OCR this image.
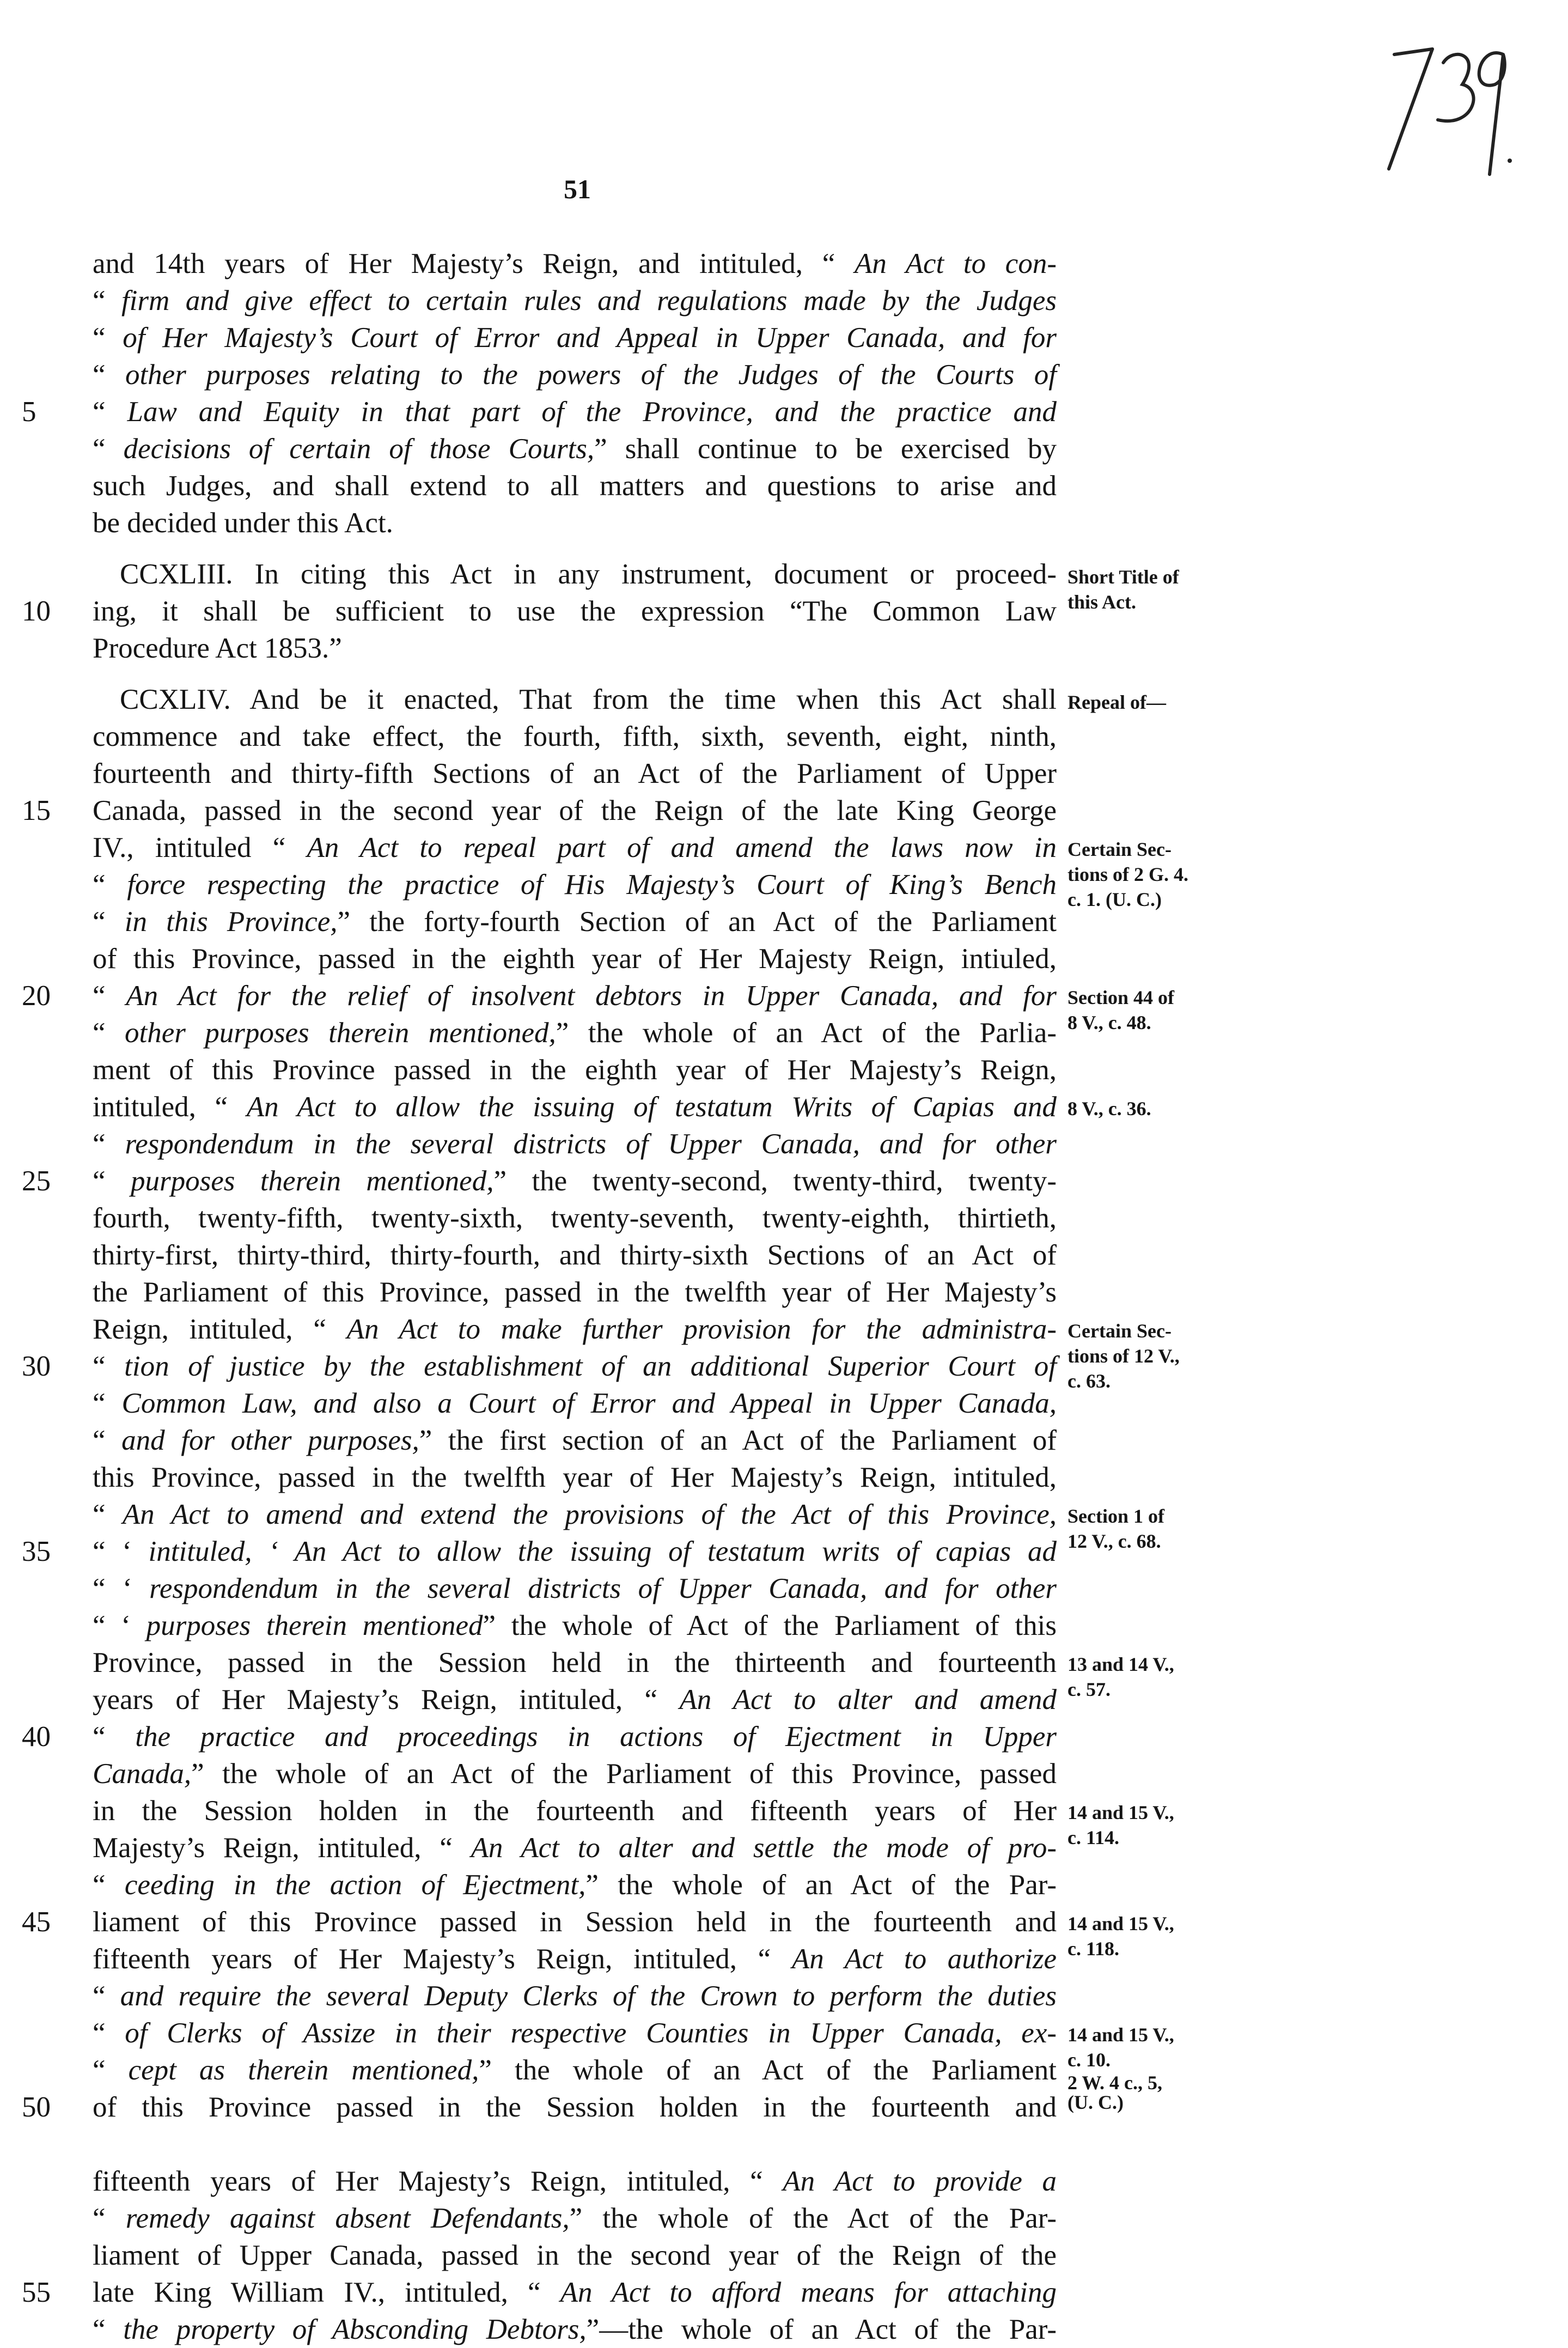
51
and 14th years of Her Majesty’s Reign, and intituled, “ An Act to con-
“ firm and give effect to certain rules and regulations made by the Judges
“ of Her Majesty’s Court of Error and Appeal in Upper Canada, and for
“ other purposes relating to the powers of the Judges of the Courts of
“ Law and Equity in that part of the Province, and the practice and
“ decisions of certain of those Courts,” shall continue to be exercised by
such Judges, and shall extend to all matters and questions to arise and
be decided under this Act.
CCXLIII. In citing this Act in any instrument, document or proceed-
ing, it shall be sufficient to use the expression “The Common Law
Procedure Act 1853.”
CCXLIV. And be it enacted, That from the time when this Act shall
commence and take effect, the fourth, fifth, sixth, seventh, eight, ninth,
fourteenth and thirty-fifth Sections of an Act of the Parliament of Upper
Canada, passed in the second year of the Reign of the late King George
IV., intituled “ An Act to repeal part of and amend the laws now in
“ force respecting the practice of His Majesty’s Court of King’s Bench
“ in this Province,” the forty-fourth Section of an Act of the Parliament
of this Province, passed in the eighth year of Her Majesty Reign, intiuled,
“ An Act for the relief of insolvent debtors in Upper Canada, and for
“ other purposes therein mentioned,” the whole of an Act of the Parlia-
ment of this Province passed in the eighth year of Her Majesty’s Reign,
intituled, “ An Act to allow the issuing of testatum Writs of Capias and
“ respondendum in the several districts of Upper Canada, and for other
“ purposes therein mentioned,” the twenty-second, twenty-third, twenty-
fourth, twenty-fifth, twenty-sixth, twenty-seventh, twenty-eighth, thirtieth,
thirty-first, thirty-third, thirty-fourth, and thirty-sixth Sections of an Act of
the Parliament of this Province, passed in the twelfth year of Her Majesty’s
Reign, intituled, “ An Act to make further provision for the administra-
“ tion of justice by the establishment of an additional Superior Court of
“ Common Law, and also a Court of Error and Appeal in Upper Canada,
“ and for other purposes,” the first section of an Act of the Parliament of
this Province, passed in the twelfth year of Her Majesty’s Reign, intituled,
“ An Act to amend and extend the provisions of the Act of this Province,
“ ‘ intituled, ‘ An Act to allow the issuing of testatum writs of capias ad
“ ‘ respondendum in the several districts of Upper Canada, and for other
“ ‘ purposes therein mentioned” the whole of Act of the Parliament of this
Province, passed in the Session held in the thirteenth and fourteenth
years of Her Majesty’s Reign, intituled, “ An Act to alter and amend
“ the practice and proceedings in actions of Ejectment in Upper
Canada,” the whole of an Act of the Parliament of this Province, passed
in the Session holden in the fourteenth and fifteenth years of Her
Majesty’s Reign, intituled, “ An Act to alter and settle the mode of pro-
“ ceeding in the action of Ejectment,” the whole of an Act of the Par-
liament of this Province passed in Session held in the fourteenth and
fifteenth years of Her Majesty’s Reign, intituled, “ An Act to authorize
“ and require the several Deputy Clerks of the Crown to perform the duties
“ of Clerks of Assize in their respective Counties in Upper Canada, ex-
“ cept as therein mentioned,” the whole of an Act of the Parliament
of this Province passed in the Session holden in the fourteenth and
fifteenth years of Her Majesty’s Reign, intituled, “ An Act to provide a
“ remedy against absent Defendants,” the whole of the Act of the Par-
liament of Upper Canada, passed in the second year of the Reign of the
late King William IV., intituled, “ An Act to afford means for attaching
“ the property of Absconding Debtors,”—the whole of an Act of the Par-
5
10
15
20
25
30
35
40
45
50
55
Short Title of
this Act.
Repeal of—
Certain Sec-
tions of 2 G. 4.
c. 1. (U. C.)
Section 44 of
8 V., c. 48.
8 V., c. 36.
Certain Sec-
tions of 12 V.,
c. 63.
Section 1 of
12 V., c. 68.
13 and 14 V.,
c. 57.
14 and 15 V.,
c. 114.
14 and 15 V.,
c. 118.
14 and 15 V.,
c. 10.
2 W. 4 c., 5,
(U. C.)
